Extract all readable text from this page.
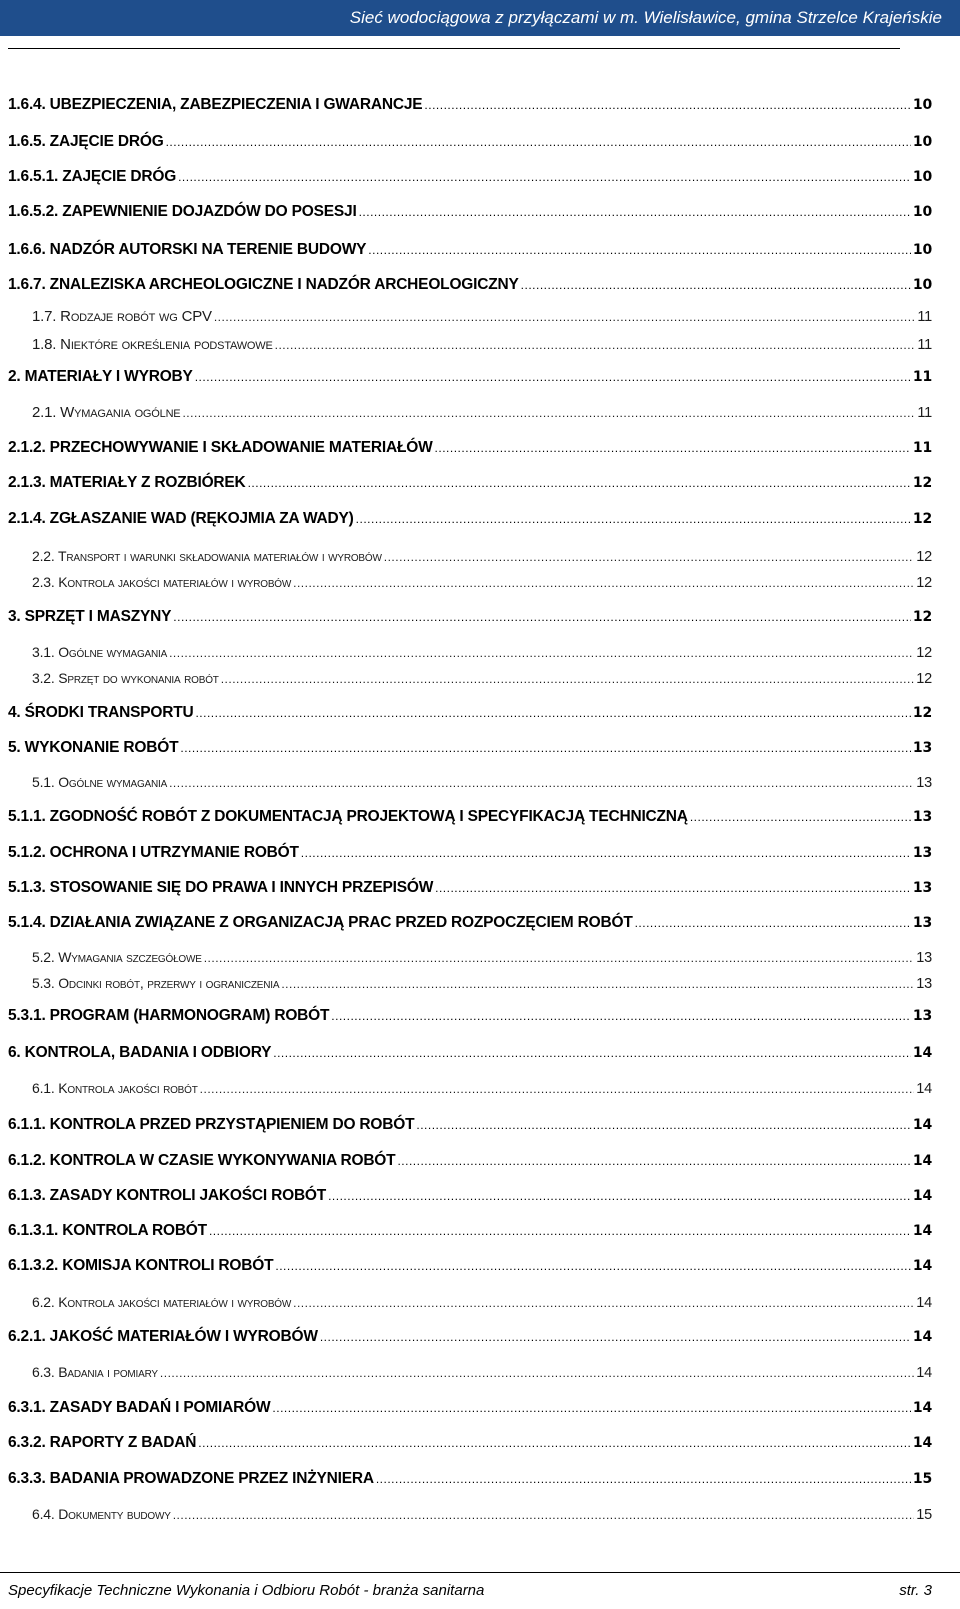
Sieć wodociągowa z przyłączami w m. Wielisławice, gmina Strzelce Krajeńskie
1.6.4. UBEZPIECZENIA, ZABEZPIECZENIA I GWARANCJE .....	10
1.6.5. ZAJĘCIE DRÓG .....	10
1.6.5.1. ZAJĘCIE DRÓG .....	10
1.6.5.2. ZAPEWNIENIE DOJAZDÓW DO POSESJI .....	10
1.6.6. NADZÓR AUTORSKI NA TERENIE BUDOWY .....	10
1.6.7. ZNALEZISKA ARCHEOLOGICZNE I NADZÓR ARCHEOLOGICZNY .....	10
1.7. Rodzaje robót wg CPV .....	11
1.8. Niektóre określenia podstawowe .....	11
2. MATERIAŁY I WYROBY .....	11
2.1. Wymagania ogólne .....	11
2.1.2. PRZECHOWYWANIE I SKŁADOWANIE MATERIAŁÓW .....	11
2.1.3. MATERIAŁY Z ROZBIÓREK .....	12
2.1.4. ZGŁASZANIE WAD (RĘKOJMIA ZA WADY) .....	12
2.2. Transport i warunki składowania materiałów i wyrobów .....	12
2.3. Kontrola jakości materiałów i wyrobów .....	12
3. SPRZĘT I MASZYNY .....	12
3.1. Ogólne wymagania .....	12
3.2. Sprzęt do wykonania robót .....	12
4. ŚRODKI TRANSPORTU .....	12
5. WYKONANIE ROBÓT .....	13
5.1. Ogólne wymagania .....	13
5.1.1. ZGODNOŚĆ ROBÓT Z DOKUMENTACJĄ PROJEKTOWĄ I SPECYFIKACJĄ TECHNICZNĄ .....	13
5.1.2. OCHRONA I UTRZYMANIE ROBÓT .....	13
5.1.3. STOSOWANIE SIĘ DO PRAWA I INNYCH PRZEPISÓW .....	13
5.1.4. DZIAŁANIA ZWIĄZANE Z ORGANIZACJĄ PRAC PRZED ROZPOCZĘCIEM ROBÓT .....	13
5.2. Wymagania szczegółowe .....	13
5.3. Odcinki robót, przerwy i ograniczenia .....	13
5.3.1. PROGRAM (HARMONOGRAM) ROBÓT .....	13
6. KONTROLA, BADANIA I ODBIORY .....	14
6.1. Kontrola jakości robót .....	14
6.1.1. KONTROLA PRZED PRZYSTĄPIENIEM DO ROBÓT .....	14
6.1.2. KONTROLA W CZASIE WYKONYWANIA ROBÓT .....	14
6.1.3. ZASADY KONTROLI JAKOŚCI ROBÓT .....	14
6.1.3.1. KONTROLA ROBÓT .....	14
6.1.3.2. KOMISJA KONTROLI ROBÓT .....	14
6.2. Kontrola jakości materiałów i wyrobów .....	14
6.2.1. JAKOŚĆ MATERIAŁÓW I WYROBÓW .....	14
6.3. Badania i pomiary .....	14
6.3.1. ZASADY BADAŃ I POMIARÓW .....	14
6.3.2. RAPORTY Z BADAŃ .....	14
6.3.3. BADANIA PROWADZONE PRZEZ INŻYNIERA .....	15
6.4. Dokumenty budowy .....	15
Specyfikacje Techniczne Wykonania i Odbioru Robót - branża sanitarna	str. 3
